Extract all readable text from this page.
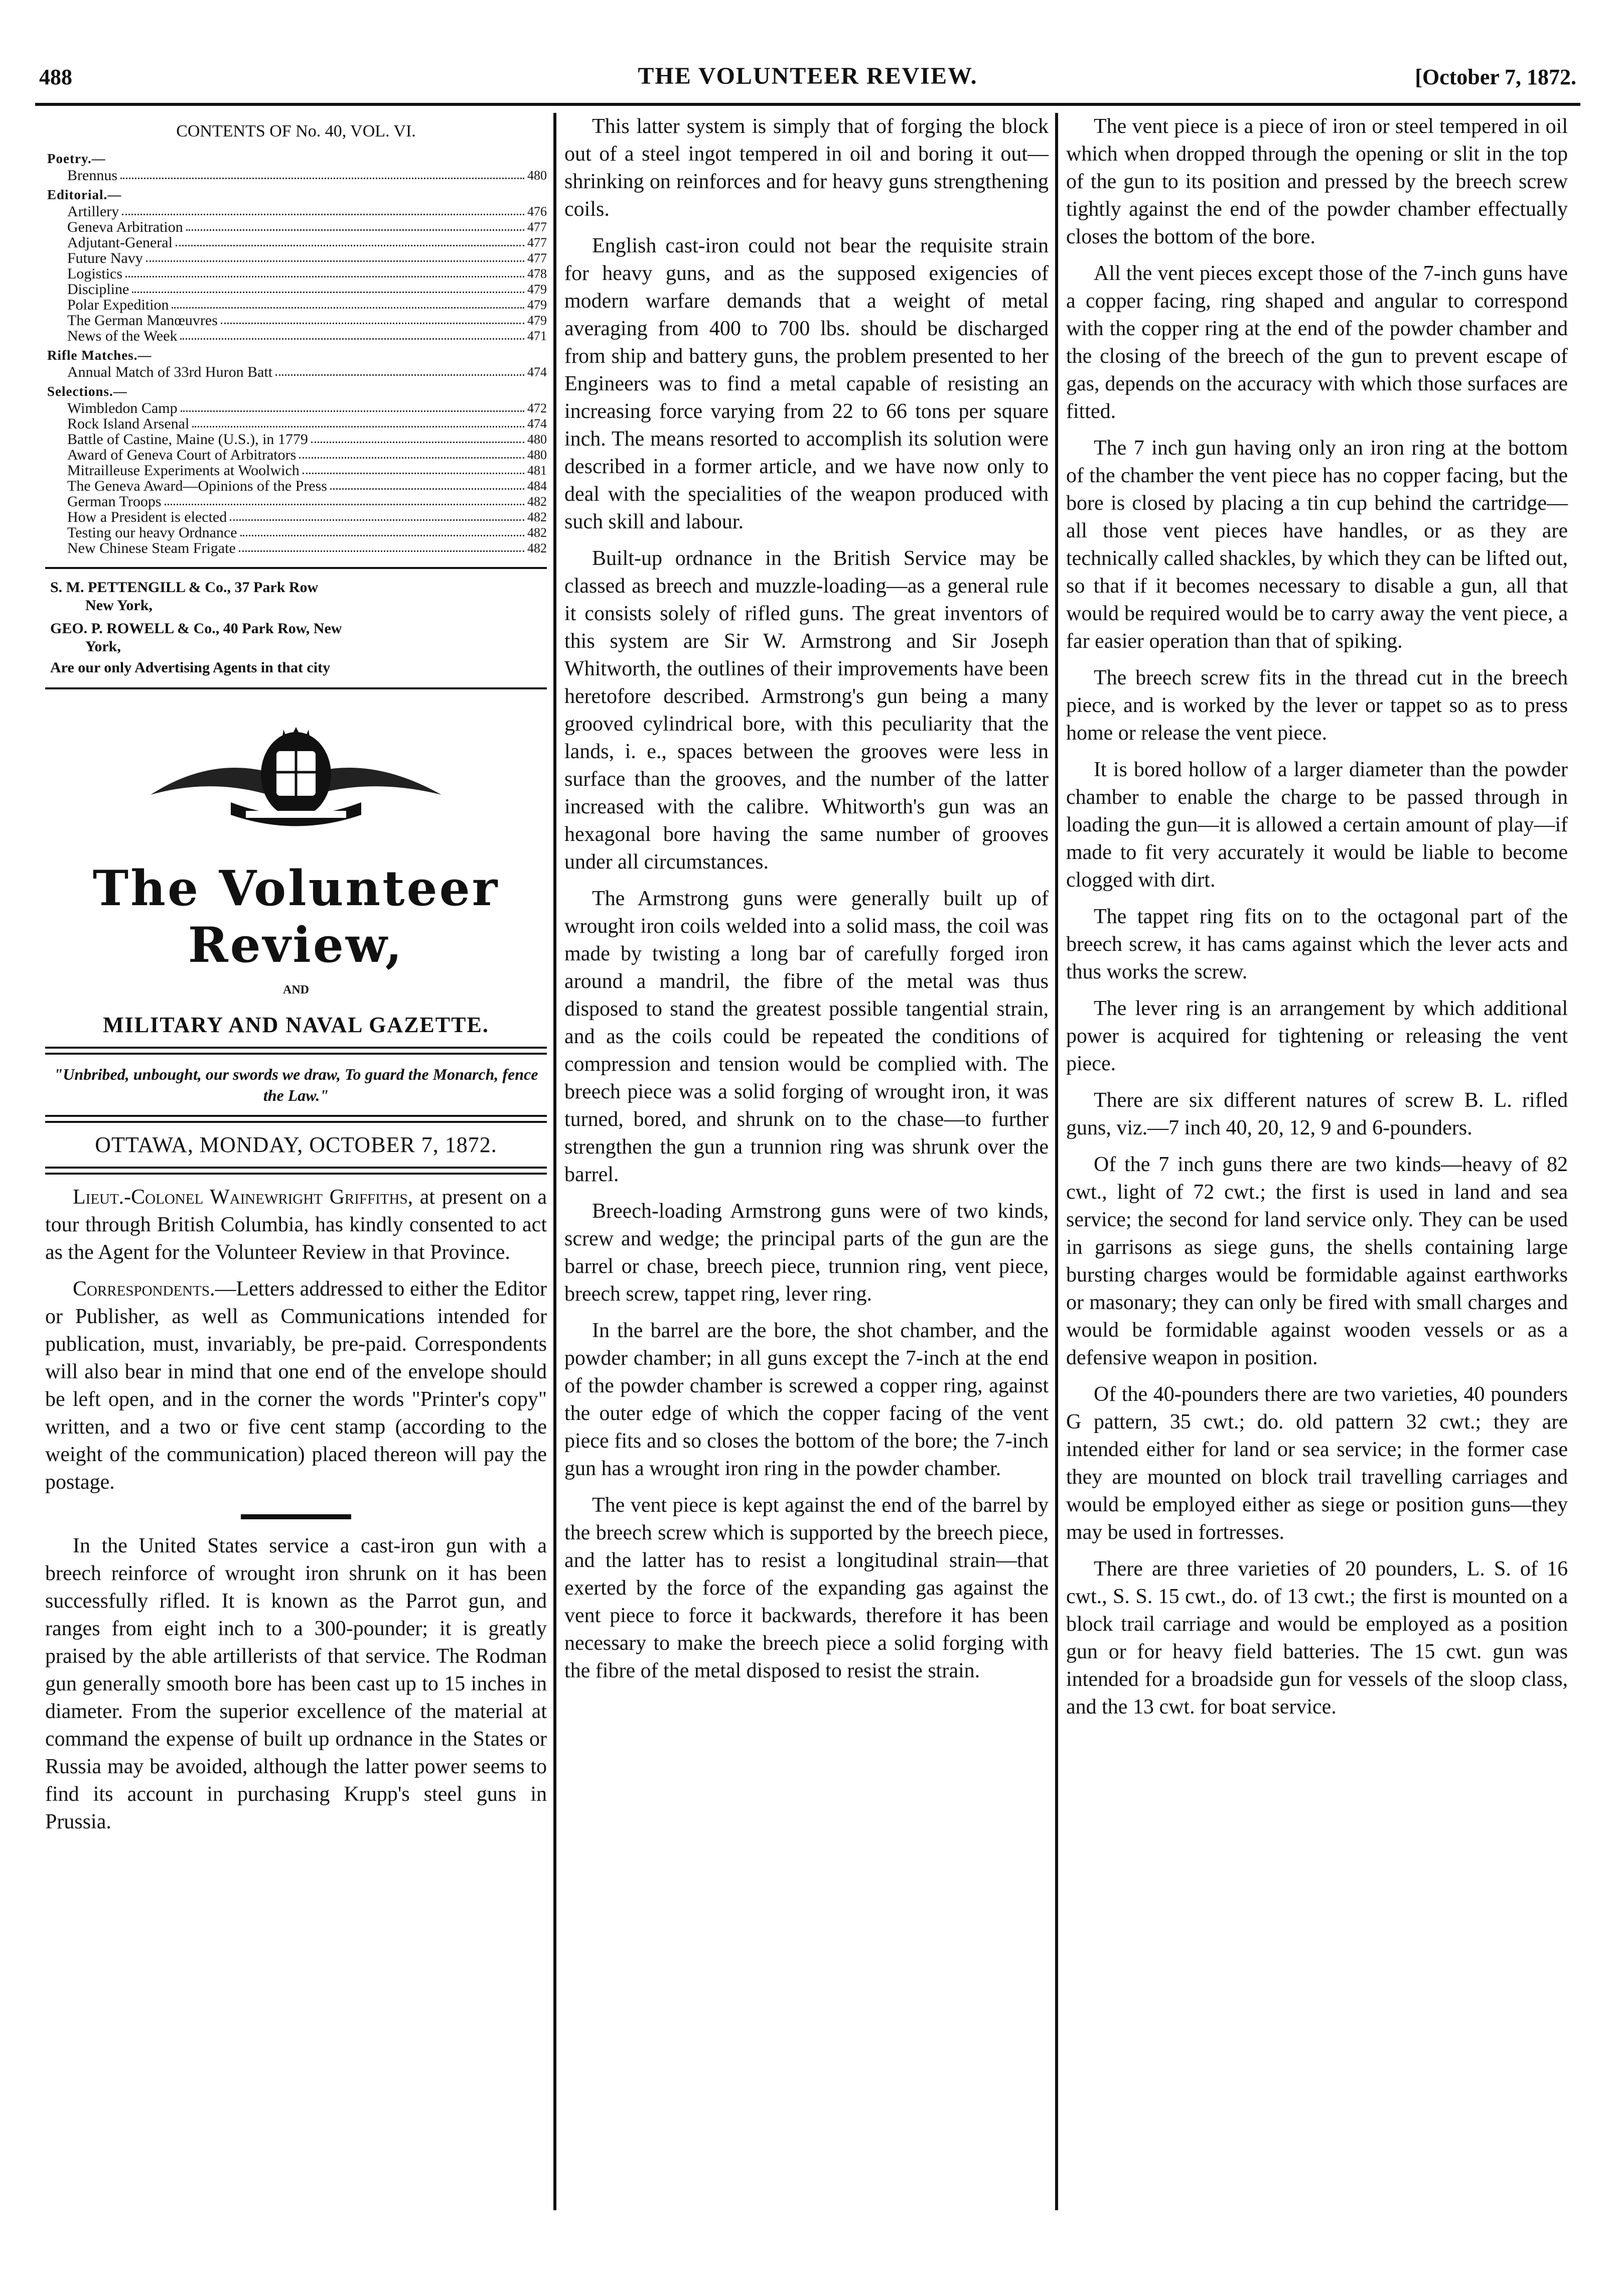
488	THE VOLUNTEER REVIEW.	[October 7, 1872.
CONTENTS OF No. 40, VOL. VI.
Poetry.—
Brennus	480
Editorial.—
Artillery	476
Geneva Arbitration	477
Adjutant-General	477
Future Navy	477
Logistics	478
Discipline	479
Polar Expedition	479
The German Manœuvres	479
News of the Week	471
Rifle Matches.—
Annual Match of 33rd Huron Batt	474
Selections.—
Wimbledon Camp	472
Rock Island Arsenal	474
Battle of Castine, Maine (U.S.), in 1779	480
Award of Geneva Court of Arbitrators	480
Mitrailleuse Experiments at Woolwich	481
The Geneva Award—Opinions of the Press	484
German Troops	482
How a President is elected	482
Testing our heavy Ordnance	482
New Chinese Steam Frigate	482
S. M. PETTENGILL & Co., 37 Park Row
New York,
GEO. P. ROWELL & Co., 40 Park Row, New
York,
Are our only Advertising Agents in that city
The Volunteer Review,
AND
MILITARY AND NAVAL GAZETTE.
"Unbribed, unbought, our swords we draw, To guard the Monarch, fence the Law."
OTTAWA, MONDAY, OCTOBER 7, 1872.

Lieut.-Colonel Wainewright Griffiths, at present on a tour through British Columbia, has kindly consented to act as the Agent for the Volunteer Review in that Province.

Correspondents.—Letters addressed to either the Editor or Publisher, as well as Communications intended for publication, must, invariably, be pre-paid. Correspondents will also bear in mind that one end of the envelope should be left open, and in the corner the words "Printer's copy" written, and a two or five cent stamp (according to the weight of the communication) placed thereon will pay the postage.

In the United States service a cast-iron gun with a breech reinforce of wrought iron shrunk on it has been successfully rifled. It is known as the Parrot gun, and ranges from eight inch to a 300-pounder; it is greatly praised by the able artillerists of that service. The Rodman gun generally smooth bore has been cast up to 15 inches in diameter. From the superior excellence of the material at command the expense of built up ordnance in the States or Russia may be avoided, although the latter power seems to find its account in purchasing Krupp's steel guns in Prussia.

This latter system is simply that of forging the block out of a steel ingot tempered in oil and boring it out—shrinking on reinforces and for heavy guns strengthening coils.

English cast-iron could not bear the requisite strain for heavy guns, and as the supposed exigencies of modern warfare demands that a weight of metal averaging from 400 to 700 lbs. should be discharged from ship and battery guns, the problem presented to her Engineers was to find a metal capable of resisting an increasing force varying from 22 to 66 tons per square inch. The means resorted to accomplish its solution were described in a former article, and we have now only to deal with the specialities of the weapon produced with such skill and labour.

Built-up ordnance in the British Service may be classed as breech and muzzle-loading—as a general rule it consists solely of rifled guns. The great inventors of this system are Sir W. Armstrong and Sir Joseph Whitworth, the outlines of their improvements have been heretofore described. Armstrong's gun being a many grooved cylindrical bore, with this peculiarity that the lands, i. e., spaces between the grooves were less in surface than the grooves, and the number of the latter increased with the calibre. Whitworth's gun was an hexagonal bore having the same number of grooves under all circumstances.

The Armstrong guns were generally built up of wrought iron coils welded into a solid mass, the coil was made by twisting a long bar of carefully forged iron around a mandril, the fibre of the metal was thus disposed to stand the greatest possible tangential strain, and as the coils could be repeated the conditions of compression and tension would be complied with. The breech piece was a solid forging of wrought iron, it was turned, bored, and shrunk on to the chase—to further strengthen the gun a trunnion ring was shrunk over the barrel.

Breech-loading Armstrong guns were of two kinds, screw and wedge; the principal parts of the gun are the barrel or chase, breech piece, trunnion ring, vent piece, breech screw, tappet ring, lever ring.

In the barrel are the bore, the shot chamber, and the powder chamber; in all guns except the 7-inch at the end of the powder chamber is screwed a copper ring, against the outer edge of which the copper facing of the vent piece fits and so closes the bottom of the bore; the 7-inch gun has a wrought iron ring in the powder chamber.

The vent piece is kept against the end of the barrel by the breech screw which is supported by the breech piece, and the latter has to resist a longitudinal strain—that exerted by the force of the expanding gas against the vent piece to force it backwards, therefore it has been necessary to make the breech piece a solid forging with the fibre of the metal disposed to resist the strain.

The vent piece is a piece of iron or steel tempered in oil which when dropped through the opening or slit in the top of the gun to its position and pressed by the breech screw tightly against the end of the powder chamber effectually closes the bottom of the bore.

All the vent pieces except those of the 7-inch guns have a copper facing, ring shaped and angular to correspond with the copper ring at the end of the powder chamber and the closing of the breech of the gun to prevent escape of gas, depends on the accuracy with which those surfaces are fitted.

The 7 inch gun having only an iron ring at the bottom of the chamber the vent piece has no copper facing, but the bore is closed by placing a tin cup behind the cartridge—all those vent pieces have handles, or as they are technically called shackles, by which they can be lifted out, so that if it becomes necessary to disable a gun, all that would be required would be to carry away the vent piece, a far easier operation than that of spiking.

The breech screw fits in the thread cut in the breech piece, and is worked by the lever or tappet so as to press home or release the vent piece.

It is bored hollow of a larger diameter than the powder chamber to enable the charge to be passed through in loading the gun—it is allowed a certain amount of play—if made to fit very accurately it would be liable to become clogged with dirt.

The tappet ring fits on to the octagonal part of the breech screw, it has cams against which the lever acts and thus works the screw.

The lever ring is an arrangement by which additional power is acquired for tightening or releasing the vent piece.

There are six different natures of screw B. L. rifled guns, viz.—7 inch 40, 20, 12, 9 and 6-pounders.

Of the 7 inch guns there are two kinds—heavy of 82 cwt., light of 72 cwt.; the first is used in land and sea service; the second for land service only. They can be used in garrisons as siege guns, the shells containing large bursting charges would be formidable against earthworks or masonary; they can only be fired with small charges and would be formidable against wooden vessels or as a defensive weapon in position.

Of the 40-pounders there are two varieties, 40 pounders G pattern, 35 cwt.; do. old pattern 32 cwt.; they are intended either for land or sea service; in the former case they are mounted on block trail travelling carriages and would be employed either as siege or position guns—they may be used in fortresses.

There are three varieties of 20 pounders, L. S. of 16 cwt., S. S. 15 cwt., do. of 13 cwt.; the first is mounted on a block trail carriage and would be employed as a position gun or for heavy field batteries. The 15 cwt. gun was intended for a broadside gun for vessels of the sloop class, and the 13 cwt. for boat service.
